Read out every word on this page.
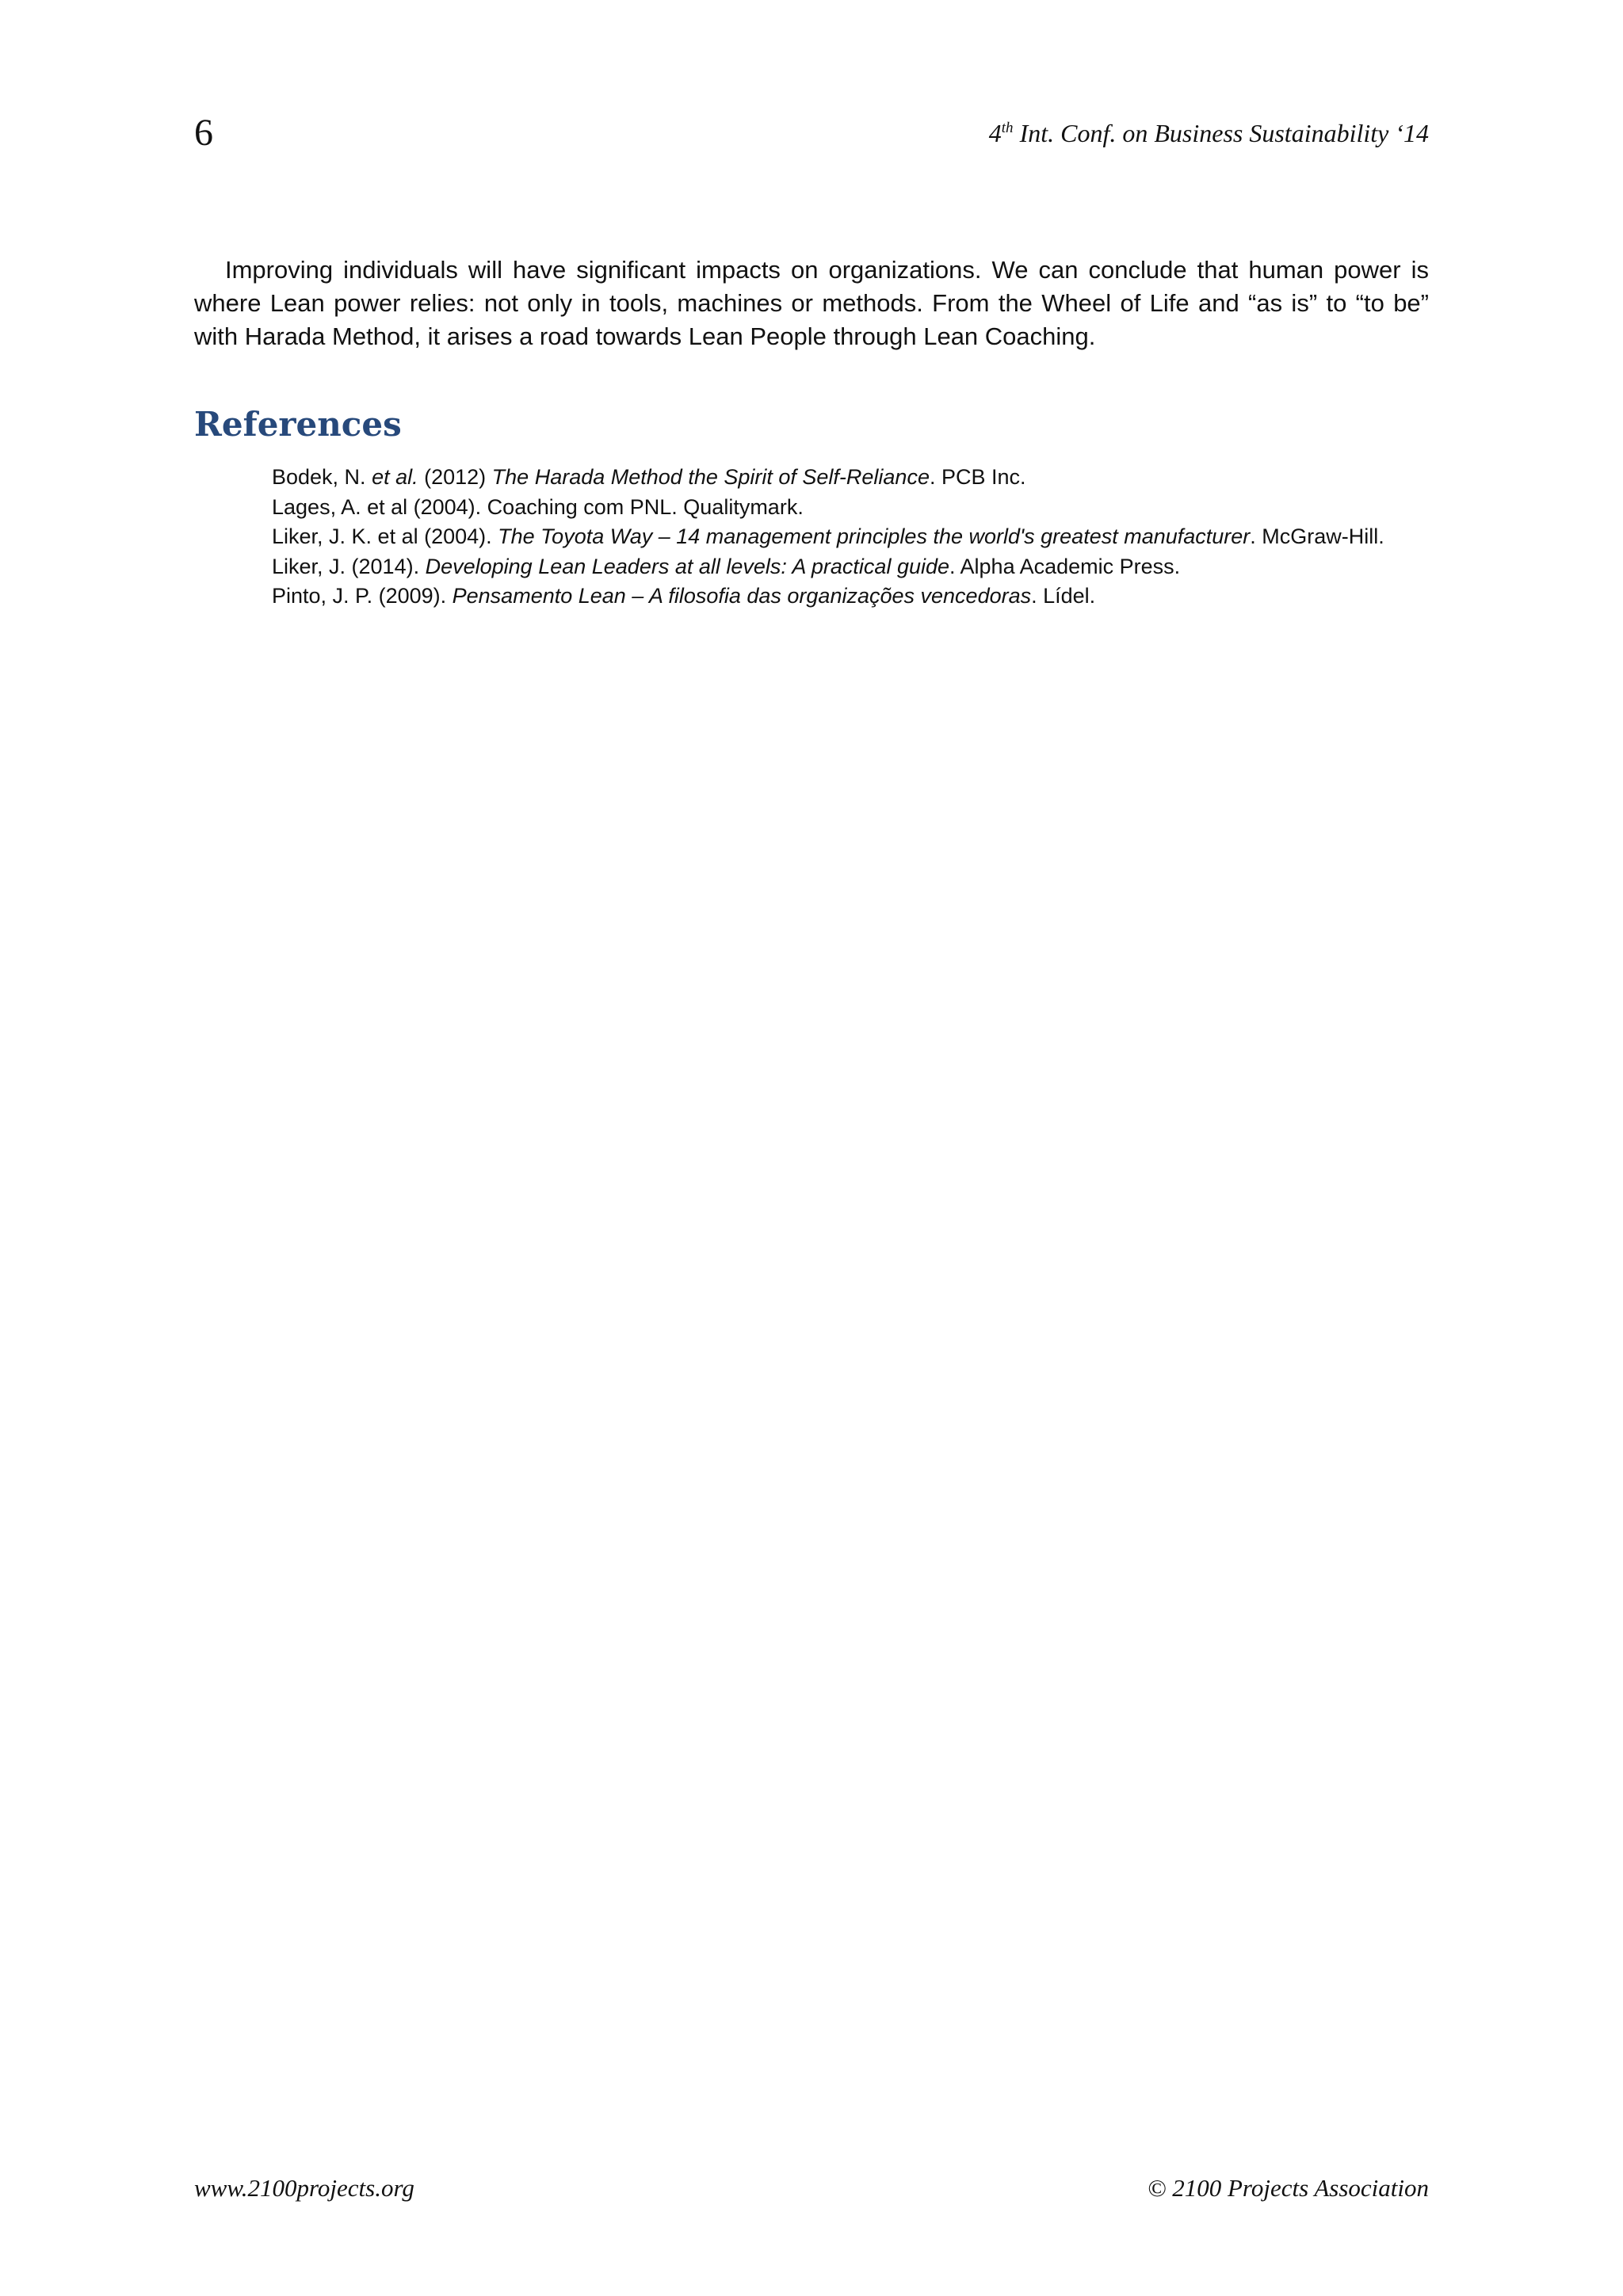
6	4th Int. Conf. on Business Sustainability ‘14

Improving individuals will have significant impacts on organizations. We can conclude that human power is where Lean power relies: not only in tools, machines or methods. From the Wheel of Life and “as is” to “to be” with Harada Method, it arises a road towards Lean People through Lean Coaching.

References
Bodek, N. et al. (2012) The Harada Method the Spirit of Self-Reliance. PCB Inc.
Lages, A. et al (2004). Coaching com PNL. Qualitymark.
Liker, J. K. et al (2004). The Toyota Way – 14 management principles the world's greatest manufacturer. McGraw-Hill.
Liker, J. (2014). Developing Lean Leaders at all levels: A practical guide. Alpha Academic Press.
Pinto, J. P. (2009). Pensamento Lean – A filosofia das organizações vencedoras. Lídel.
www.2100projects.org	© 2100 Projects Association
